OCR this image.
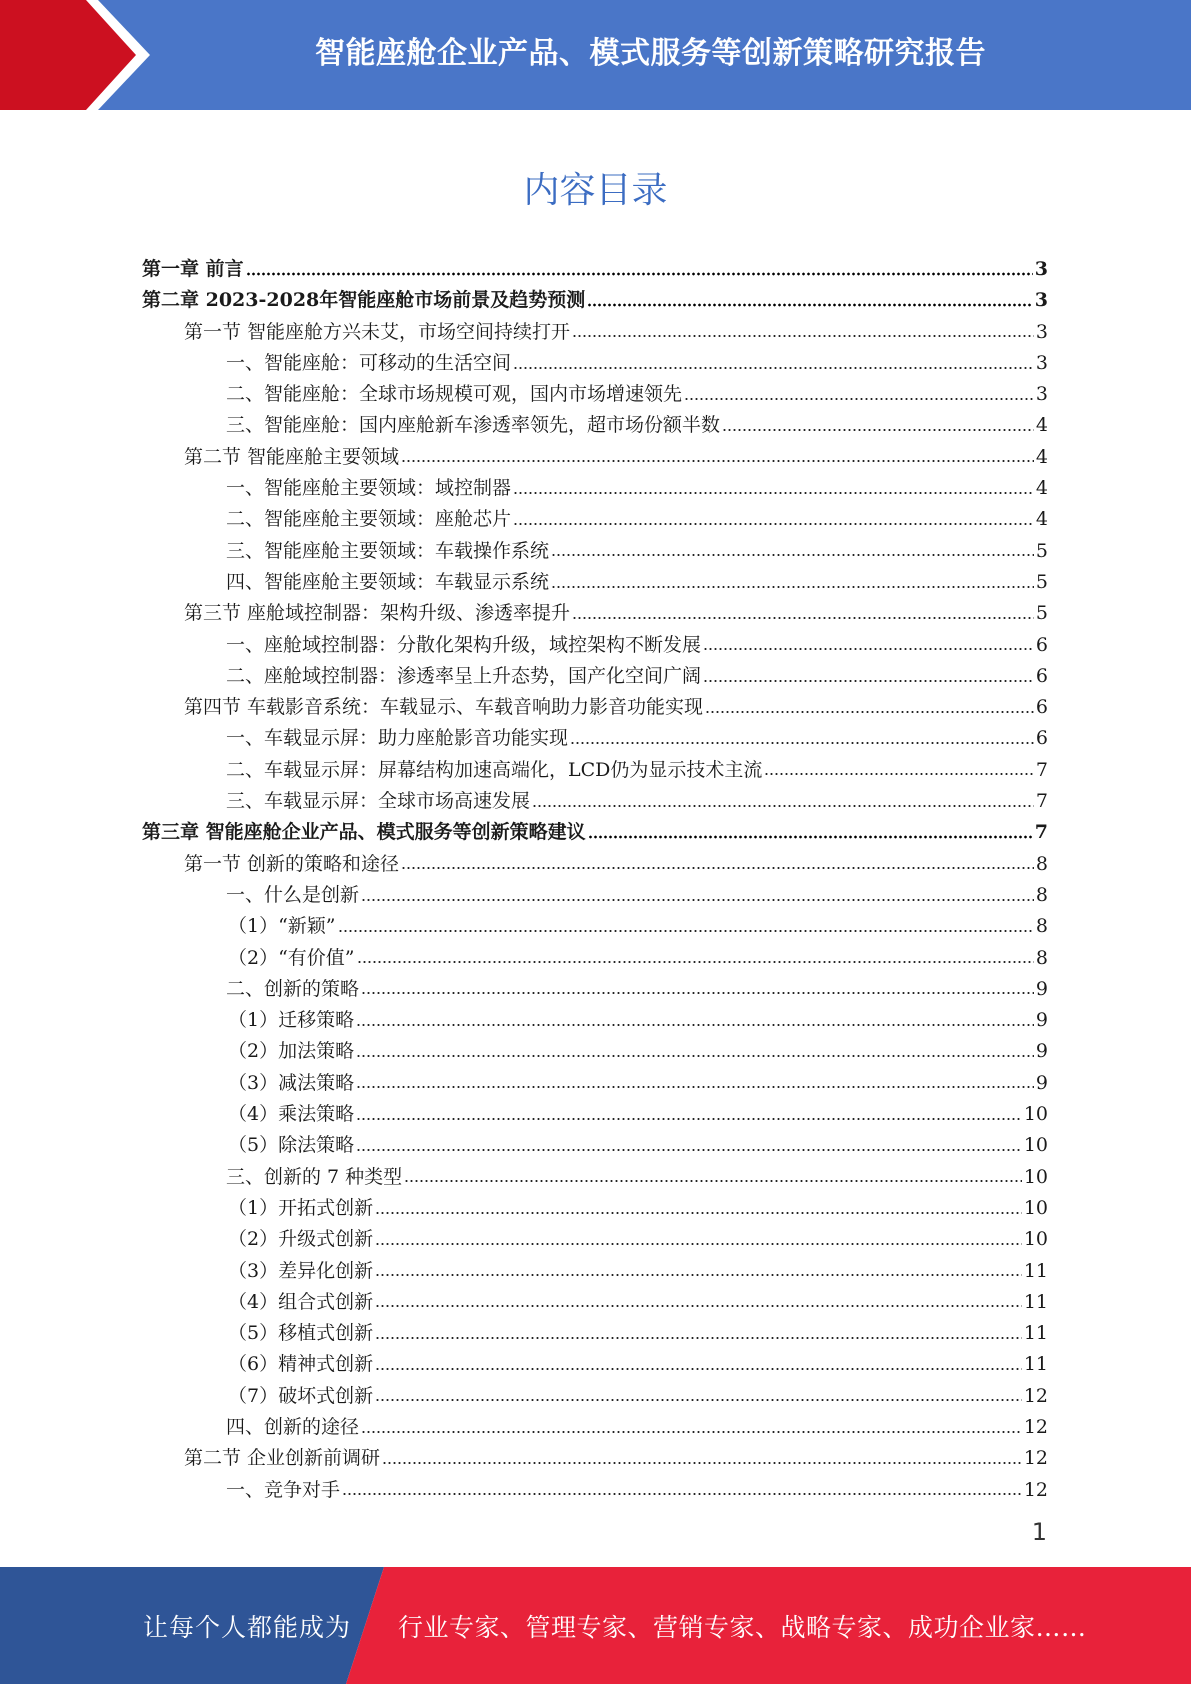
智能座舱企业产品、模式服务等创新策略研究报告
内容目录
第一章 前言	3
第二章 2023-2028年智能座舱市场前景及趋势预测	3
第一节 智能座舱方兴未艾，市场空间持续打开	3
一、智能座舱：可移动的生活空间	3
二、智能座舱：全球市场规模可观，国内市场增速领先	3
三、智能座舱：国内座舱新车渗透率领先，超市场份额半数	4
第二节 智能座舱主要领域	4
一、智能座舱主要领域：域控制器	4
二、智能座舱主要领域：座舱芯片	4
三、智能座舱主要领域：车载操作系统	5
四、智能座舱主要领域：车载显示系统	5
第三节 座舱域控制器：架构升级、渗透率提升	5
一、座舱域控制器：分散化架构升级，域控架构不断发展	6
二、座舱域控制器：渗透率呈上升态势，国产化空间广阔	6
第四节 车载影音系统：车载显示、车载音响助力影音功能实现	6
一、车载显示屏：助力座舱影音功能实现	6
二、车载显示屏：屏幕结构加速高端化，LCD仍为显示技术主流	7
三、车载显示屏：全球市场高速发展	7
第三章 智能座舱企业产品、模式服务等创新策略建议	7
第一节 创新的策略和途径	8
一、什么是创新	8
（1）“新颖”	8
（2）“有价值”	8
二、创新的策略	9
（1）迁移策略	9
（2）加法策略	9
（3）减法策略	9
（4）乘法策略	10
（5）除法策略	10
三、创新的 7 种类型	10
（1）开拓式创新	10
（2）升级式创新	10
（3）差异化创新	11
（4）组合式创新	11
（5）移植式创新	11
（6）精神式创新	11
（7）破坏式创新	12
四、创新的途径	12
第二节 企业创新前调研	12
一、竞争对手	12
1
让每个人都能成为 行业专家、管理专家、营销专家、战略专家、成功企业家……
